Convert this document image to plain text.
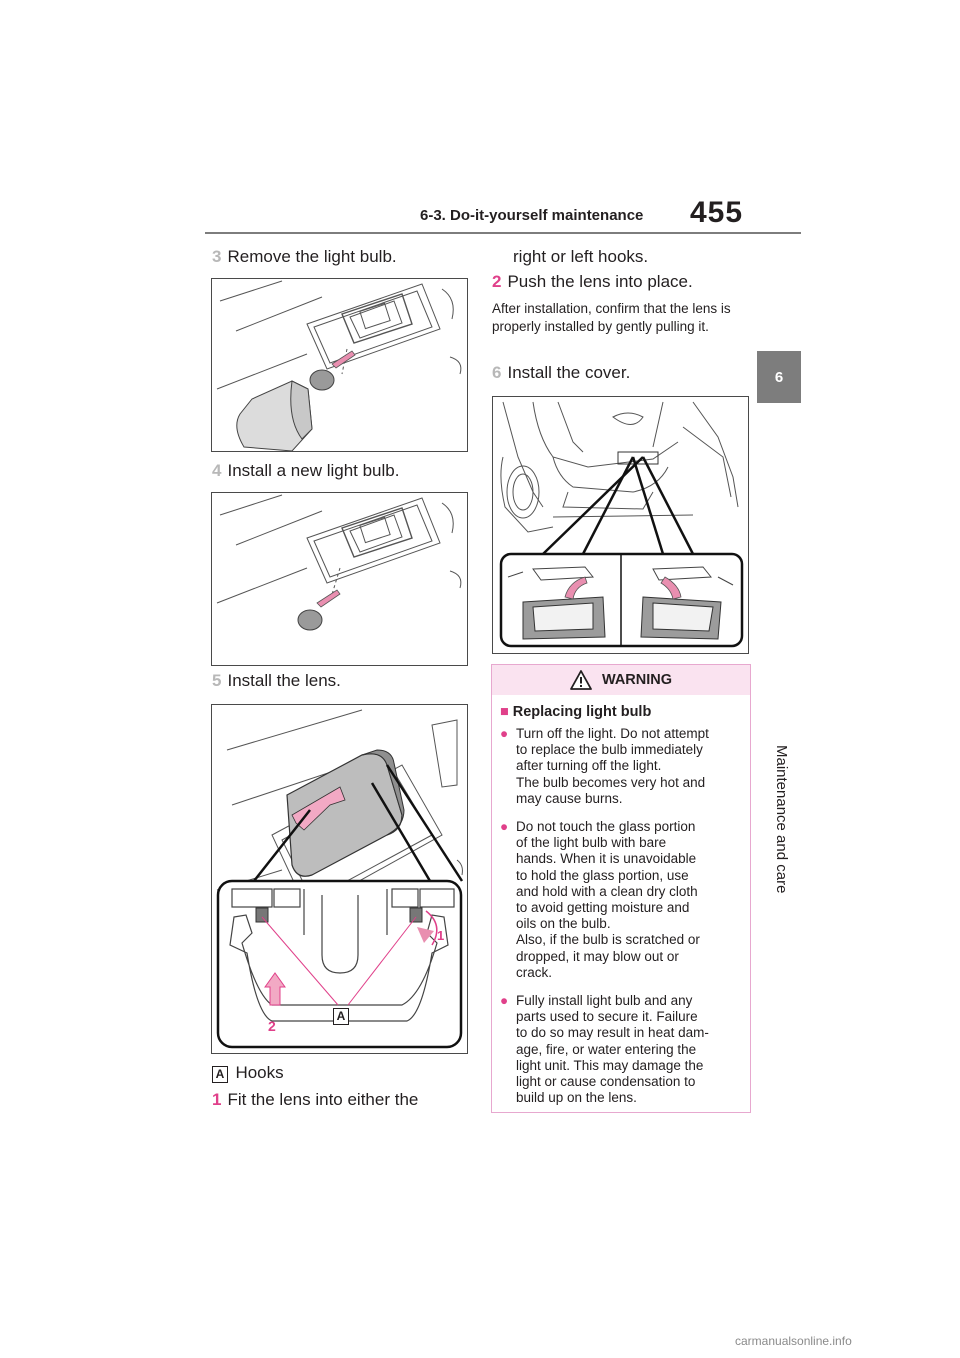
6-3. Do-it-yourself maintenance 455
6
Maintenance and care
3 Remove the light bulb.
4 Install a new light bulb.
5 Install the lens.
1
2
A
A Hooks
1 Fit the lens into either the
right or left hooks.
2 Push the lens into place.
After installation, confirm that the lens is properly installed by gently pulling it.
6 Install the cover.
WARNING
■ Replacing light bulb
● Turn off the light. Do not attempt
to replace the bulb immediately
after turning off the light.
The bulb becomes very hot and
may cause burns.
● Do not touch the glass portion
of the light bulb with bare
hands. When it is unavoidable
to hold the glass portion, use
and hold with a clean dry cloth
to avoid getting moisture and
oils on the bulb.
Also, if the bulb is scratched or
dropped, it may blow out or
crack.
● Fully install light bulb and any
parts used to secure it. Failure
to do so may result in heat dam-
age, fire, or water entering the
light unit. This may damage the
light or cause condensation to
build up on the lens.
carmanualsonline.info
